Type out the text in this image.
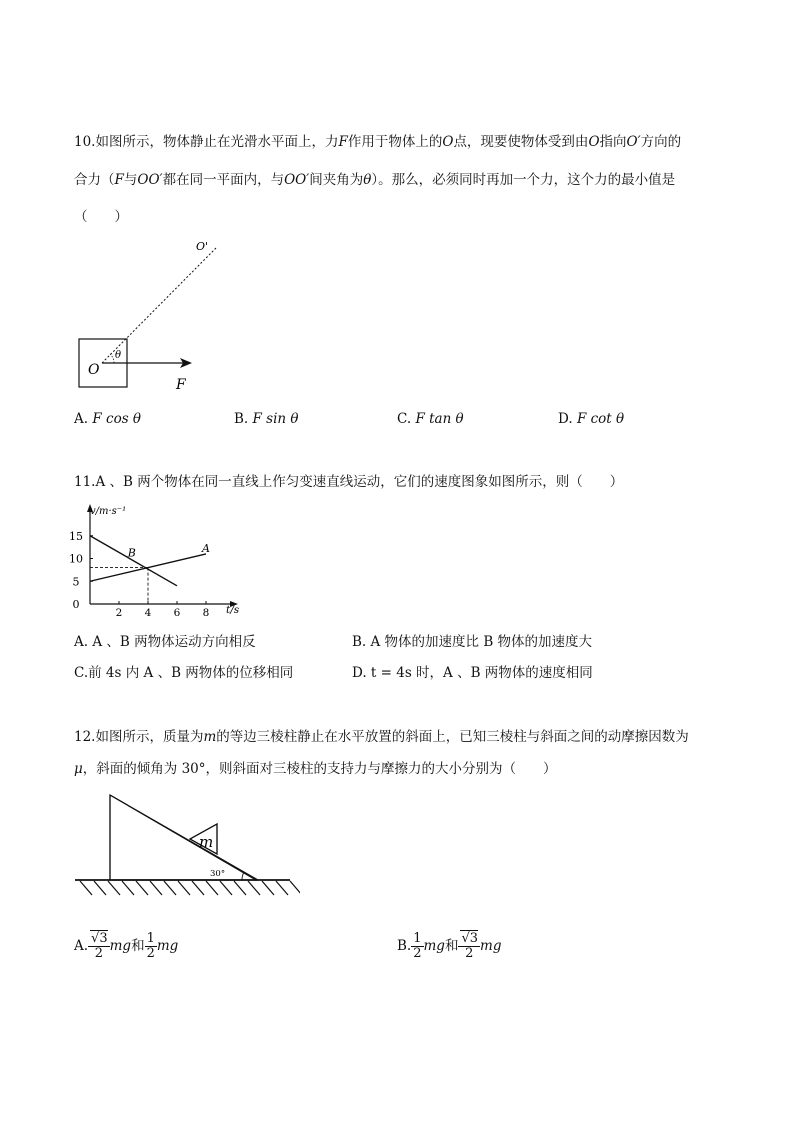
10.如图所示，物体静止在光滑水平面上，力F作用于物体上的O点，现要使物体受到由O指向O′方向的
合力（F与OO′都在同一平面内，与OO′间夹角为θ）。那么，必须同时再加一个力，这个力的最小值是
（　　）
O
θ
O'
F
A. F cos θ	B. F sin θ	C. F tan θ	D. F cot θ
11.A 、B 两个物体在同一直线上作匀变速直线运动，它们的速度图象如图所示，则（　　）
v/m·s⁻¹
t/s
0
5
10
15
2 4 6 8
A
B
A. A 、B 两物体运动方向相反	B. A 物体的加速度比 B 物体的加速度大
C.前 4s 内 A 、B 两物体的位移相同	D. t = 4s 时，A 、B 两物体的速度相同
12.如图所示，质量为m的等边三棱柱静止在水平放置的斜面上，已知三棱柱与斜面之间的动摩擦因数为
μ，斜面的倾角为 30°，则斜面对三棱柱的支持力与摩擦力的大小分别为（　　）
m
30°
A. $\frac{√3}{2}$ mg和 $\frac{1}{2}$ mg	B. $\frac{1}{2}$ mg和 $\frac{√3}{2}$ mg
